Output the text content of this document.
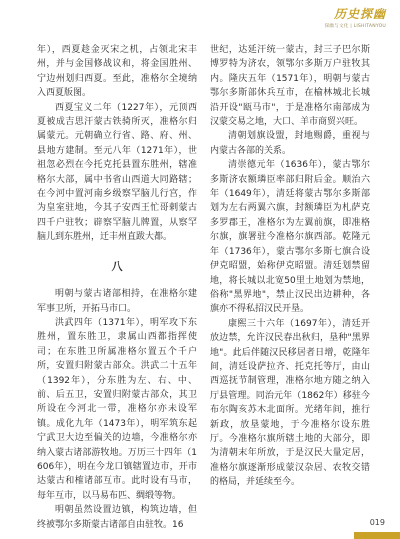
历史探幽
探幽与文化 | LISHITANYOU

年），西夏趁金灭宋之机，占领北宋丰州，并与金国修战议和，将金国胜州、宁边州划归西夏。至此，准格尔全境纳入西夏版图。

西夏宝义二年（1227年），元顶西夏被成吉思汗蒙古铁骑所灭，准格尔归属蒙元。元朝确立行省、路、府、州、县地方建制。至元八年（1271年），世祖忽必烈在今托克托县置东胜州，辖准格尔大部，属中书省山西道大同路辖；在今河中置河南乡级察罕脑儿行宫，作为皇室驻地，今其子安西王忙哥剌蒙古四千户驻牧；辟察罕脑儿牌置，从察罕脑儿到东胜州，迁丰州直跋大都。

八

明朝与蒙古诸部相持，在准格尔建军事卫所，开拓马市口。

洪武四年（1371年），明军攻下东胜州，置东胜卫，隶属山西都指挥使司；在东胜卫所属准格尔置五个千户所，安置归附蒙古部众。洪武二十五年（1392年），分东胜为左、右、中、前、后五卫，安置归附蒙古部众，其卫所设在今河北一带，准格尔亦未设军镇。成化九年（1473年），明军筑东起宁武卫大边至偏关的边墙，今准格尔亦纳入蒙古诸部游牧地。万历三十四年（1606年），明在今龙口镇辖置边市，开市达蒙古和榷诸部互市。此时设有马市，每年互市，以马易布匹、绸缎等物。

明朝虽然设置边镇，构筑边墙，但终被鄂尔多斯蒙古诸部自由驻牧。16

世纪，达延汗统一蒙古，封三子巴尔斯博罗特为济农，领鄂尔多斯万户驻牧其内。隆庆五年（1571年），明朝与蒙古鄂尔多斯部休兵互市，在榆林城北长城沿开设"瓯马市"，于是准格尔南部成为汉蒙交易之地，大口、羊市商贸兴旺。

清朝划旗设盟，封地赐爵，重视与内蒙古各部的关系。

清崇德元年（1636年），蒙古鄂尔多斯济农额璘臣率部归附后金。顺治六年（1649年），清廷将蒙古鄂尔多斯部划为左右两翼六旗，封额璘臣为札萨克多罗郡王，准格尔为左翼前旗，即准格尔旗，旗署驻今准格尔旗西部。乾隆元年（1736年），蒙古鄂尔多斯七旗合设伊克昭盟，始称伊克昭盟。清廷划禁留地，将长城以北宽50里土地划为禁地，俗称"黑界地"，禁止汉民出边耕种，各旗亦不得私招汉民开垦。

康熙三十六年（1697年），清廷开放边禁，允许汉民春出秋归，垦种"黑界地"。此后伴随汉民移居者日增，乾隆年间，清廷设萨拉齐、托克托等厅，由山西巡抚节制管理，准格尔地方随之纳入厅县管理。同治元年（1862年）移驻今布尔陶亥苏木北面所。光绪年间，推行新政，放垦蒙地，于今准格尔设东胜厅。今准格尔旗所辖土地的大部分，即为清朝末年所放，于是汉民大量定居，准格尔旗逐渐形成蒙汉杂居、农牧交错的格局，并延续至今。

019
